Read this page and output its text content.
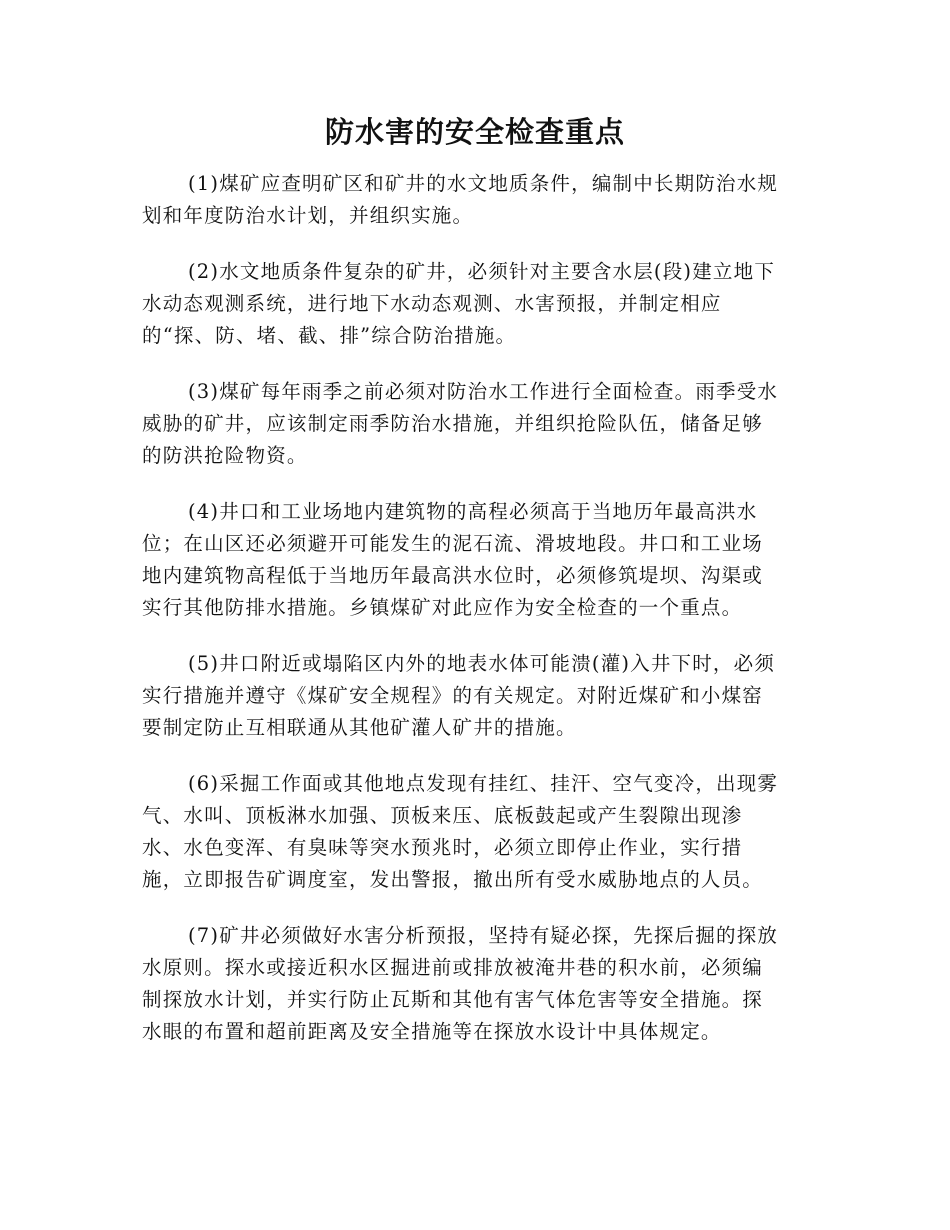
防水害的安全检查重点

(1)煤矿应查明矿区和矿井的水文地质条件，编制中长期防治水规
划和年度防治水计划，并组织实施。

(2)水文地质条件复杂的矿井，必须针对主要含水层(段)建立地下
水动态观测系统，进行地下水动态观测、水害预报，并制定相应
的“探、防、堵、截、排”综合防治措施。

(3)煤矿每年雨季之前必须对防治水工作进行全面检查。雨季受水
威胁的矿井，应该制定雨季防治水措施，并组织抢险队伍，储备足够
的防洪抢险物资。

(4)井口和工业场地内建筑物的高程必须高于当地历年最高洪水
位；在山区还必须避开可能发生的泥石流、滑坡地段。井口和工业场
地内建筑物高程低于当地历年最高洪水位时，必须修筑堤坝、沟渠或
实行其他防排水措施。乡镇煤矿对此应作为安全检查的一个重点。

(5)井口附近或塌陷区内外的地表水体可能溃(灌)入井下时，必须
实行措施并遵守《煤矿安全规程》的有关规定。对附近煤矿和小煤窑
要制定防止互相联通从其他矿灌人矿井的措施。

(6)采掘工作面或其他地点发现有挂红、挂汗、空气变冷，出现雾
气、水叫、顶板淋水加强、顶板来压、底板鼓起或产生裂隙出现渗
水、水色变浑、有臭味等突水预兆时，必须立即停止作业，实行措
施，立即报告矿调度室，发出警报，撤出所有受水威胁地点的人员。

(7)矿井必须做好水害分析预报，坚持有疑必探，先探后掘的探放
水原则。探水或接近积水区掘进前或排放被淹井巷的积水前，必须编
制探放水计划，并实行防止瓦斯和其他有害气体危害等安全措施。探
水眼的布置和超前距离及安全措施等在探放水设计中具体规定。
